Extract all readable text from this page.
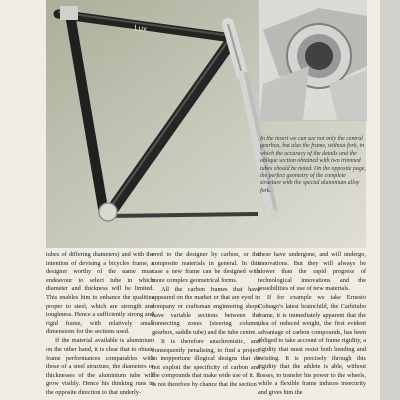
Lux
In the insert we can see not only the central gearbox, but also the frame, without fork, in which the accuracy of the details and the oblique section obtained with two trimmed tubes should be noted. On the opposite page, the perfect geometry of the complete structure with the special aluminium alloy fork.

tubes of differing diameters) and with the intention of devising a bicycles frame, a designer worthy of the name must endeavour to select tube in which diameter and thickness will be limited. This enables him to enhance the qualities proper to steel, which are strength and toughness. Hence a sufficiently strong and rigid frame, with relatively small dimensions for the sections used.

If the material available is aluminium on the other hand, it is clear that to obtain frame performances comparables with those of a steel structure, the diameters or thicknesses of the aluminium tube will grow visibly. Hence his thinking runs in the opposite direction to that underly-

ered to the designer by carbon, or the composite materials in general. In this case a new frame can be designed with more complex geometrical forms.

All the carbon frames that have appeared on the market or that are eyed in company or craftsman engineering shops have variable sections between the connecting zones (steering column, gearbox, saddle tube) and the tube centre.

It is therefore anachronistic, and consequently penalising, to find a project to inopportune illogical designs that do not exploit the specificity of carbon and the compounds that make wide use of it. It is not therefore by chance that the section

these have undergone, and will undergo, innovations. But they will always be slower than the rapid progress of technological innovations and the possibilities of use of new materials.

If for example we take Ernesto Colnago's latest brainchild, the Carbitubo frame, it is immediately apparent that the idea of reduced weight, the first evident advantage of carbon compounds, has been obliged to take account of frame rigidity, a rigidity that must resist both bending and twisting. It is precisely through this rigidity that the athlete is able, without losses, to transfer his power to the wheels, while a flexible frame induces insecurity and gives him the
